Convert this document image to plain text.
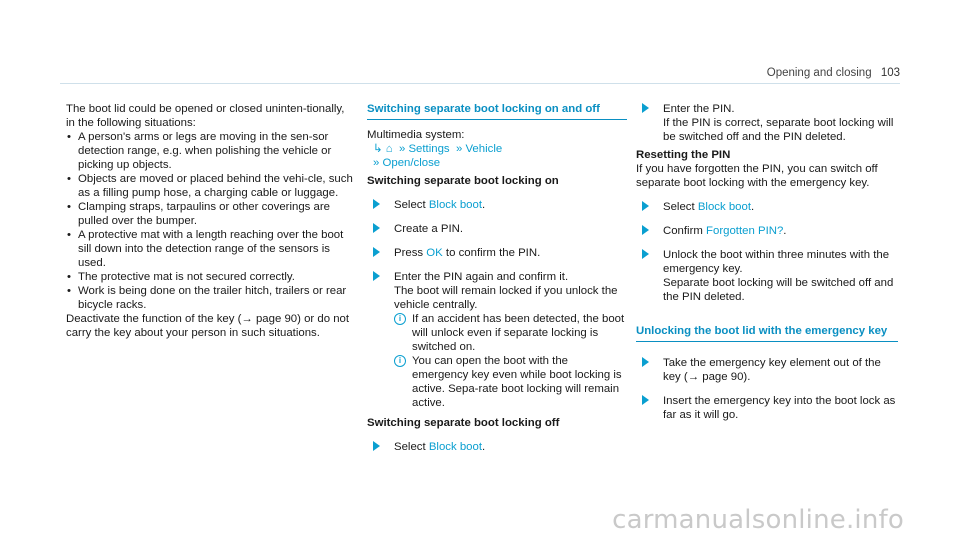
Opening and closing 103

The boot lid could be opened or closed uninten-tionally, in the following situations:

• A person's arms or legs are moving in the sen-sor detection range, e.g. when polishing the vehicle or picking up objects.
• Objects are moved or placed behind the vehi-cle, such as a filling pump hose, a charging cable or luggage.
• Clamping straps, tarpaulins or other coverings are pulled over the bumper.
• A protective mat with a length reaching over the boot sill down into the detection range of the sensors is used.
• The protective mat is not secured correctly.
• Work is being done on the trailer hitch, trailers or rear bicycle racks.

Deactivate the function of the key (→ page 90) or do not carry the key about your person in such situations.

Switching separate boot locking on and off

Multimedia system:

↳ ⌂  » Settings  » Vehicle
» Open/close

Switching separate boot locking on

Select Block boot.
Create a PIN.
Press OK to confirm the PIN.
Enter the PIN again and confirm it.
The boot will remain locked if you unlock the vehicle centrally.
i If an accident has been detected, the boot will unlock even if separate locking is switched on.
i You can open the boot with the emergency key even while boot locking is active. Sepa-rate boot locking will remain active.

Switching separate boot locking off

Select Block boot.
Enter the PIN.
If the PIN is correct, separate boot locking will be switched off and the PIN deleted.

Resetting the PIN

If you have forgotten the PIN, you can switch off separate boot locking with the emergency key.

Select Block boot.
Confirm Forgotten PIN?.
Unlock the boot within three minutes with the emergency key.
Separate boot locking will be switched off and the PIN deleted.
Unlocking the boot lid with the emergency key
Take the emergency key element out of the key (→ page 90).
Insert the emergency key into the boot lock as far as it will go.
carmanualsonline.info
